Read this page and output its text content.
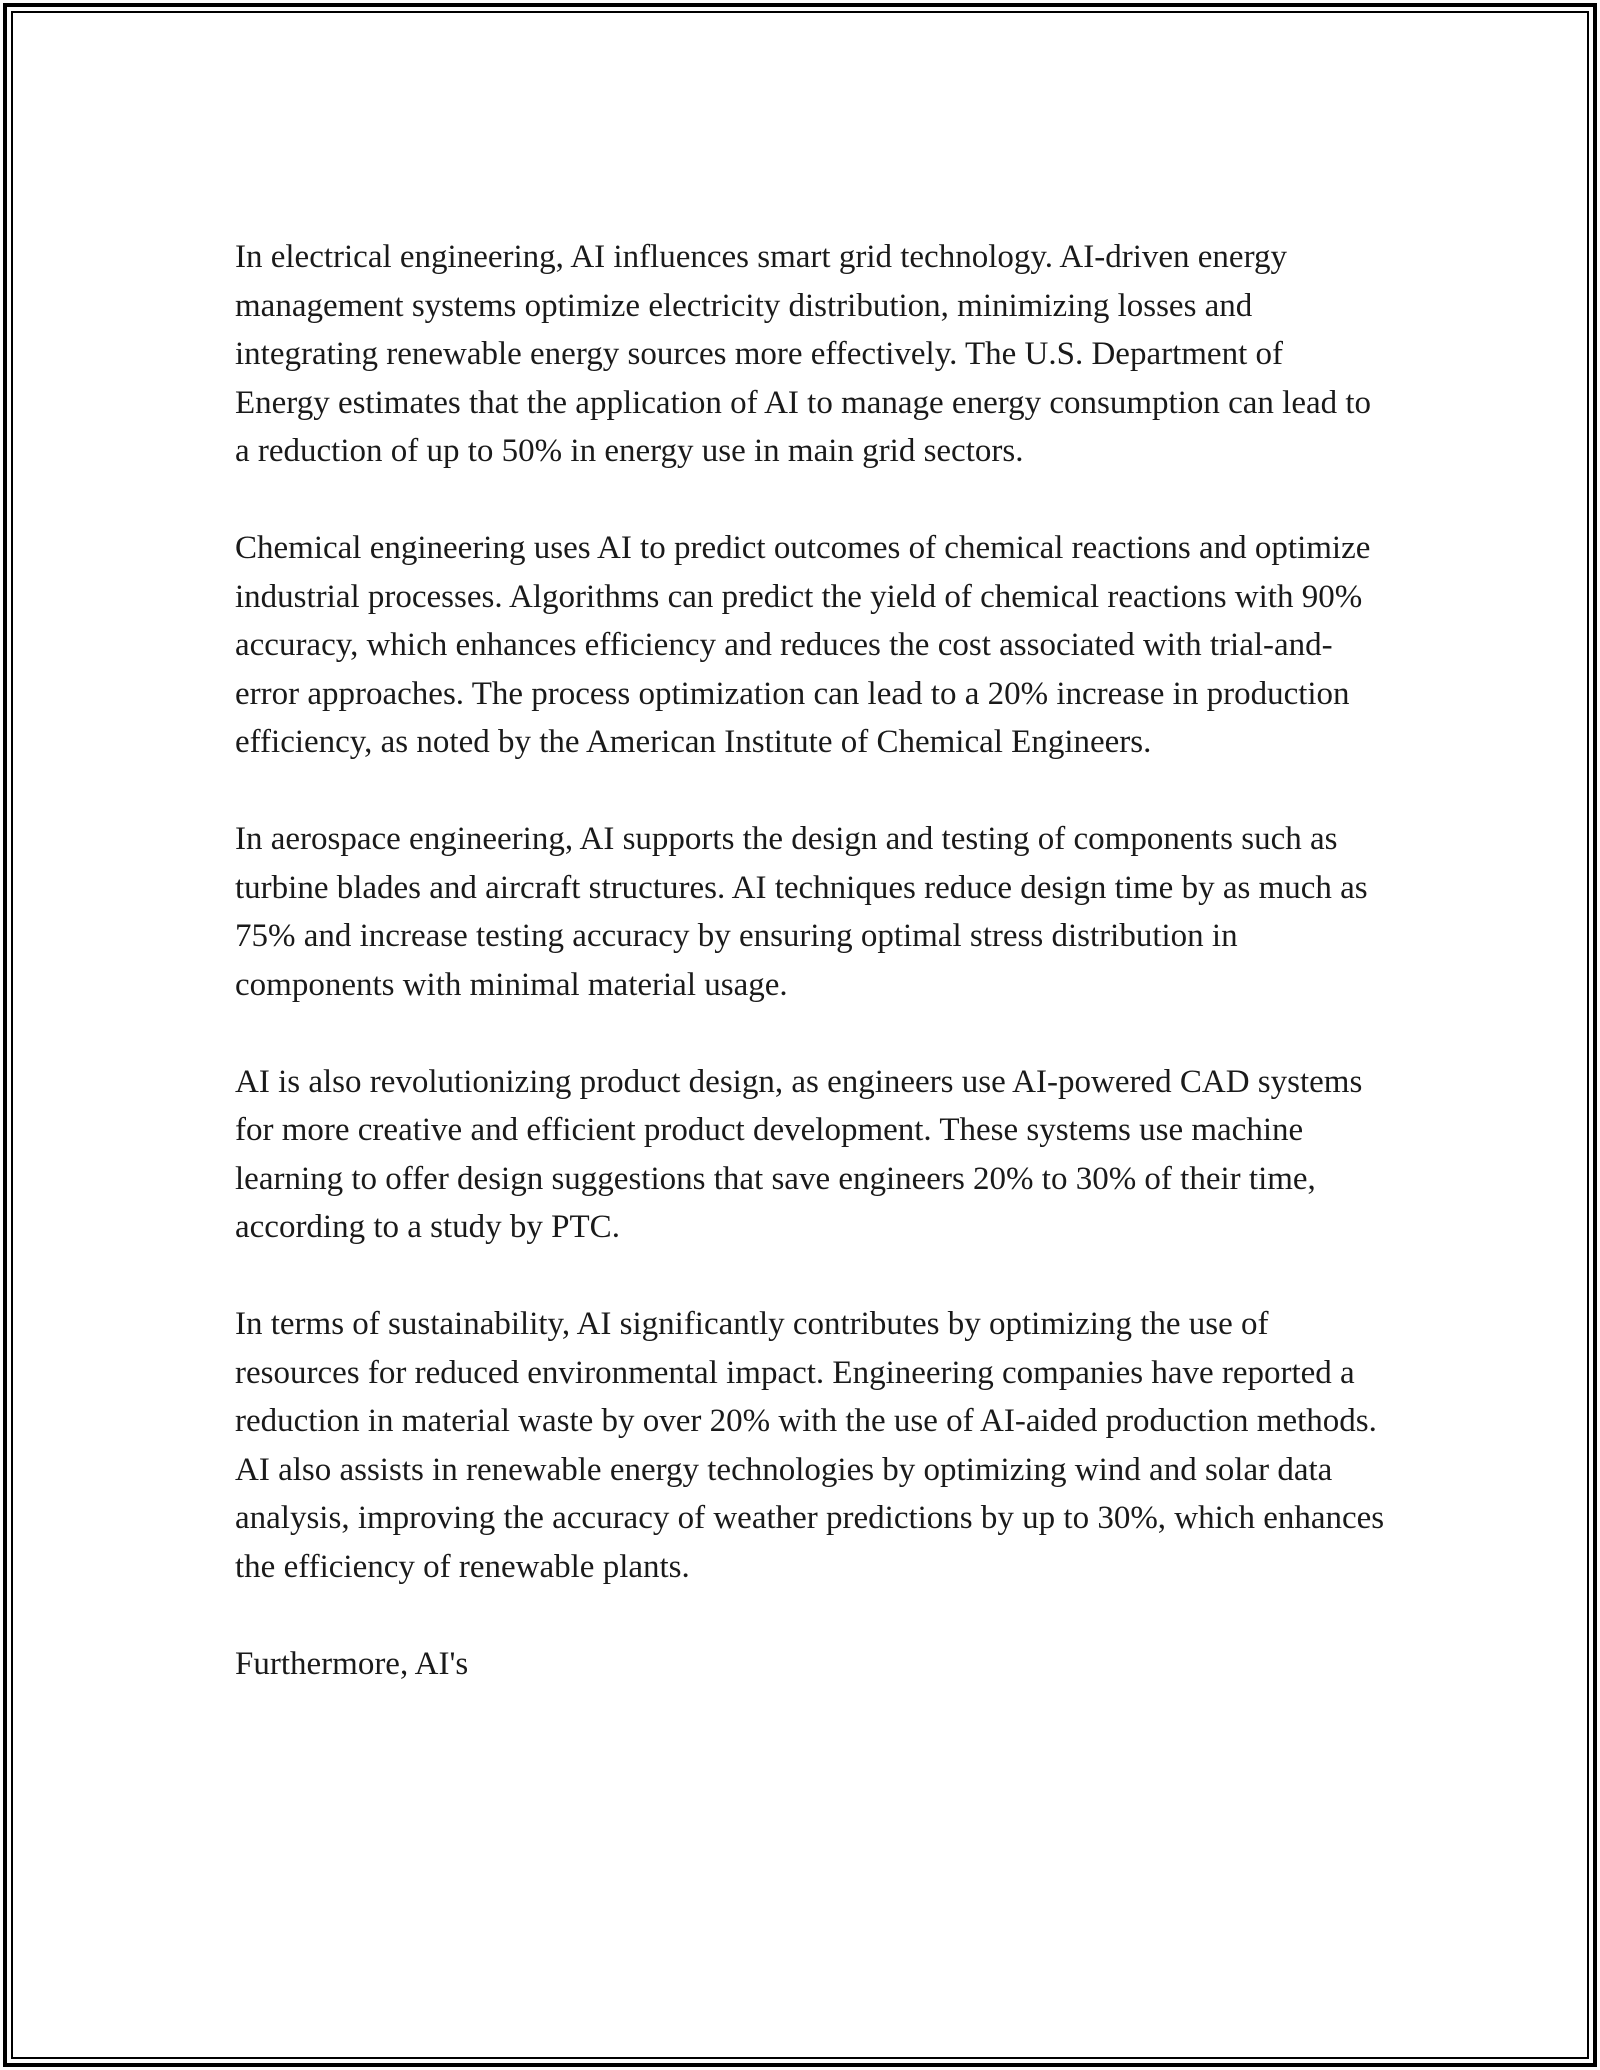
In electrical engineering, AI influences smart grid technology. AI-driven energy management systems optimize electricity distribution, minimizing losses and integrating renewable energy sources more effectively. The U.S. Department of Energy estimates that the application of AI to manage energy consumption can lead to a reduction of up to 50% in energy use in main grid sectors.

Chemical engineering uses AI to predict outcomes of chemical reactions and optimize industrial processes. Algorithms can predict the yield of chemical reactions with 90% accuracy, which enhances efficiency and reduces the cost associated with trial-and-error approaches. The process optimization can lead to a 20% increase in production efficiency, as noted by the American Institute of Chemical Engineers.

In aerospace engineering, AI supports the design and testing of components such as turbine blades and aircraft structures. AI techniques reduce design time by as much as 75% and increase testing accuracy by ensuring optimal stress distribution in components with minimal material usage.

AI is also revolutionizing product design, as engineers use AI-powered CAD systems for more creative and efficient product development. These systems use machine learning to offer design suggestions that save engineers 20% to 30% of their time, according to a study by PTC.

In terms of sustainability, AI significantly contributes by optimizing the use of resources for reduced environmental impact. Engineering companies have reported a reduction in material waste by over 20% with the use of AI-aided production methods. AI also assists in renewable energy technologies by optimizing wind and solar data analysis, improving the accuracy of weather predictions by up to 30%, which enhances the efficiency of renewable plants.

Furthermore, AI's
